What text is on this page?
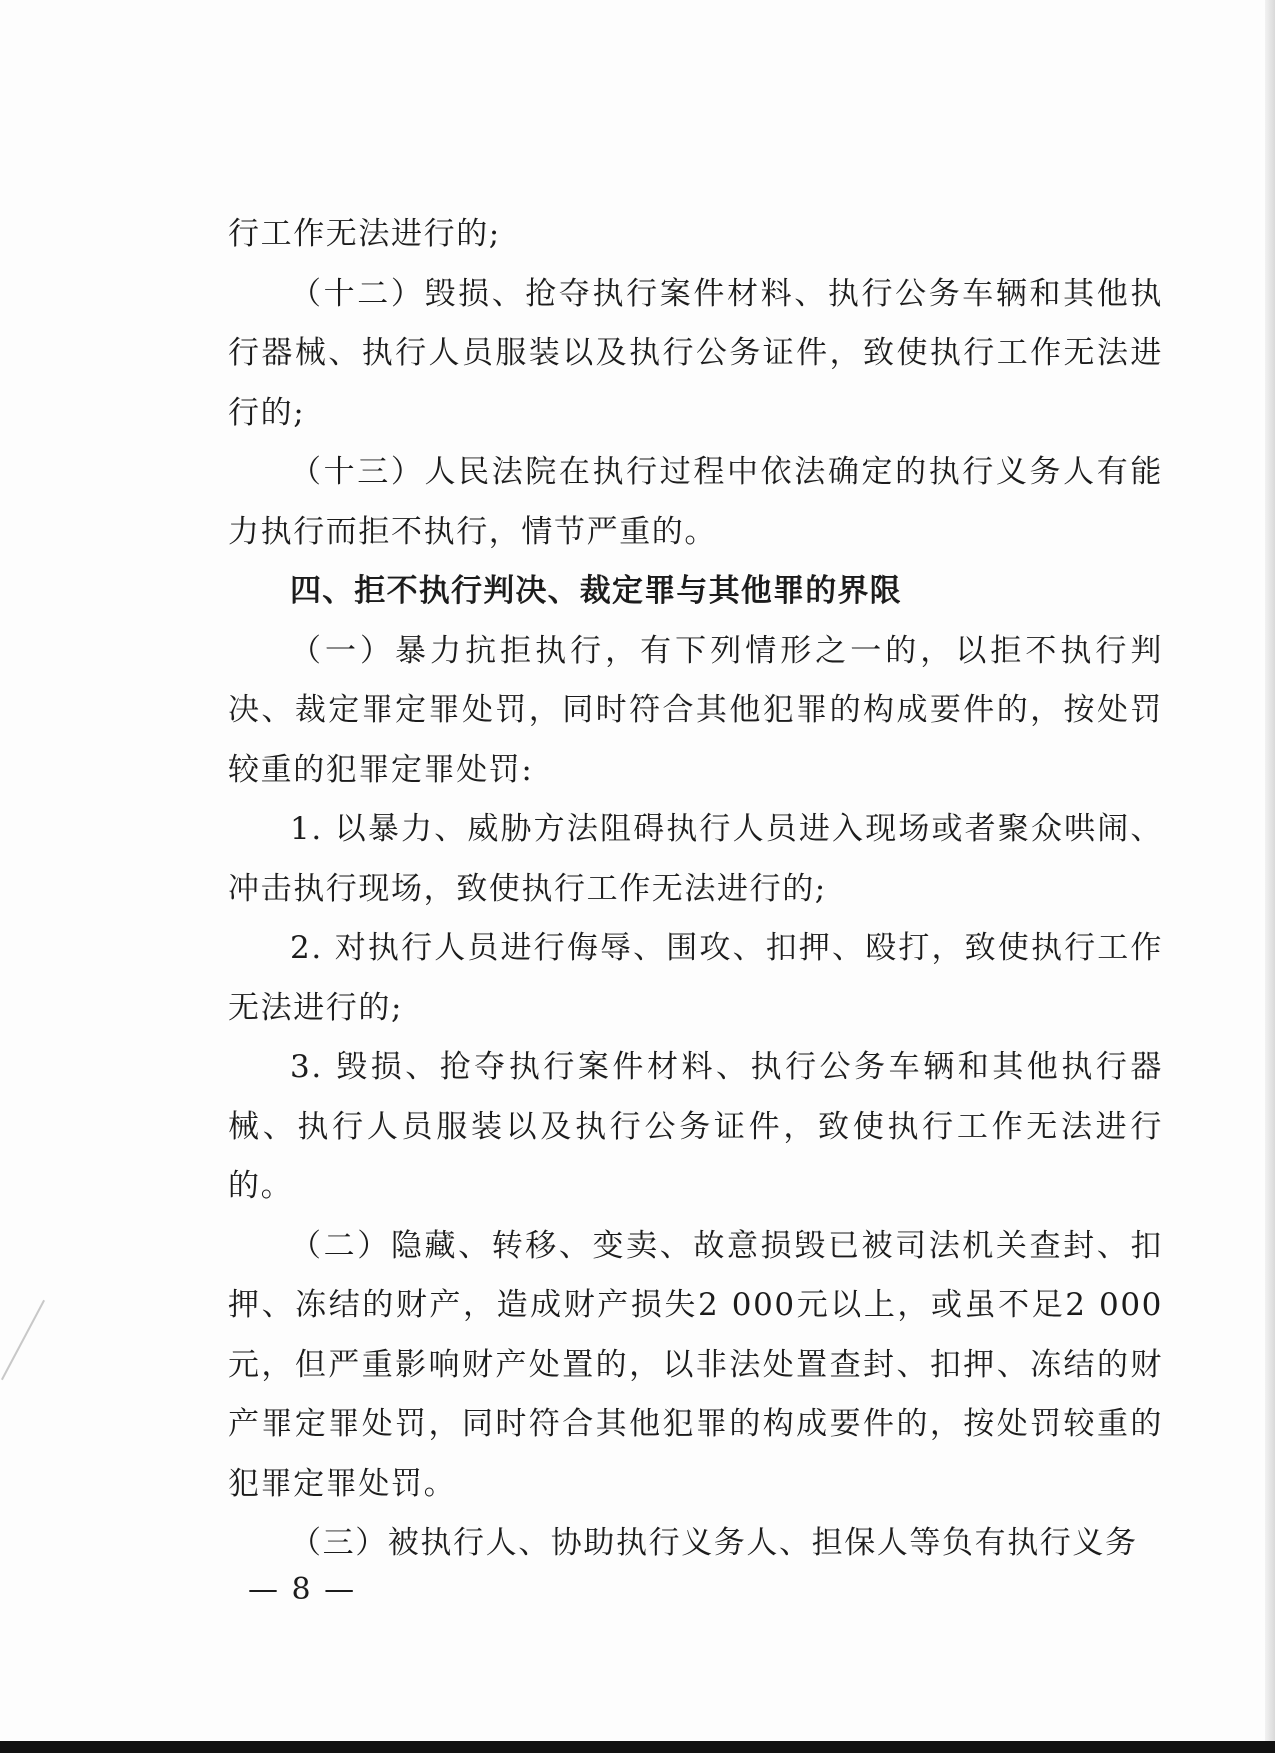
行工作无法进行的;

（十二）毁损、抢夺执行案件材料、执行公务车辆和其他执行器械、执行人员服装以及执行公务证件，致使执行工作无法进行的;

（十三）人民法院在执行过程中依法确定的执行义务人有能力执行而拒不执行，情节严重的。

四、拒不执行判决、裁定罪与其他罪的界限

（一）暴力抗拒执行，有下列情形之一的，以拒不执行判决、裁定罪定罪处罚，同时符合其他犯罪的构成要件的，按处罚较重的犯罪定罪处罚:

1. 以暴力、威胁方法阻碍执行人员进入现场或者聚众哄闹、冲击执行现场，致使执行工作无法进行的;

2. 对执行人员进行侮辱、围攻、扣押、殴打，致使执行工作无法进行的;

3. 毁损、抢夺执行案件材料、执行公务车辆和其他执行器械、执行人员服装以及执行公务证件，致使执行工作无法进行的。

（二）隐藏、转移、变卖、故意损毁已被司法机关查封、扣押、冻结的财产，造成财产损失2 000元以上，或虽不足2 000元，但严重影响财产处置的，以非法处置查封、扣押、冻结的财产罪定罪处罚，同时符合其他犯罪的构成要件的，按处罚较重的犯罪定罪处罚。

（三）被执行人、协助执行义务人、担保人等负有执行义务

— 8 —
